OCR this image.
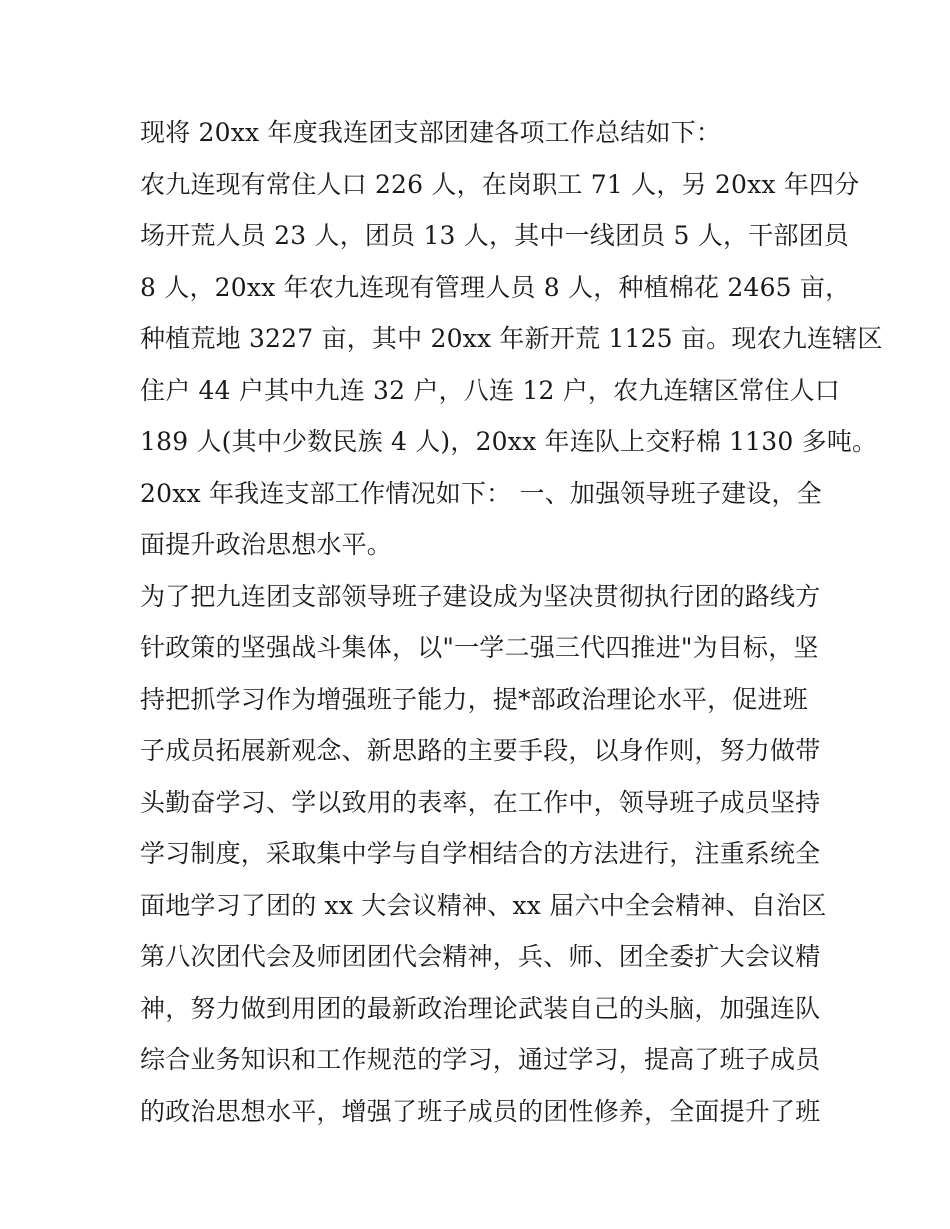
现将 20xx 年度我连团支部团建各项工作总结如下：
农九连现有常住人口 226 人，在岗职工 71 人，另 20xx 年四分
场开荒人员 23 人，团员 13 人，其中一线团员 5 人，干部团员
8 人，20xx 年农九连现有管理人员 8 人，种植棉花 2465 亩，
种植荒地 3227 亩，其中 20xx 年新开荒 1125 亩。现农九连辖区
住户 44 户其中九连 32 户，八连 12 户，农九连辖区常住人口
189 人(其中少数民族 4 人)，20xx 年连队上交籽棉 1130 多吨。
20xx 年我连支部工作情况如下： 一、加强领导班子建设，全
面提升政治思想水平。
为了把九连团支部领导班子建设成为坚决贯彻执行团的路线方
针政策的坚强战斗集体，以"一学二强三代四推进"为目标，坚
持把抓学习作为增强班子能力，提*部政治理论水平，促进班
子成员拓展新观念、新思路的主要手段，以身作则，努力做带
头勤奋学习、学以致用的表率，在工作中，领导班子成员坚持
学习制度，采取集中学与自学相结合的方法进行，注重系统全
面地学习了团的 xx 大会议精神、xx 届六中全会精神、自治区
第八次团代会及师团团代会精神，兵、师、团全委扩大会议精
神，努力做到用团的最新政治理论武装自己的头脑，加强连队
综合业务知识和工作规范的学习，通过学习，提高了班子成员
的政治思想水平，增强了班子成员的团性修养，全面提升了班
